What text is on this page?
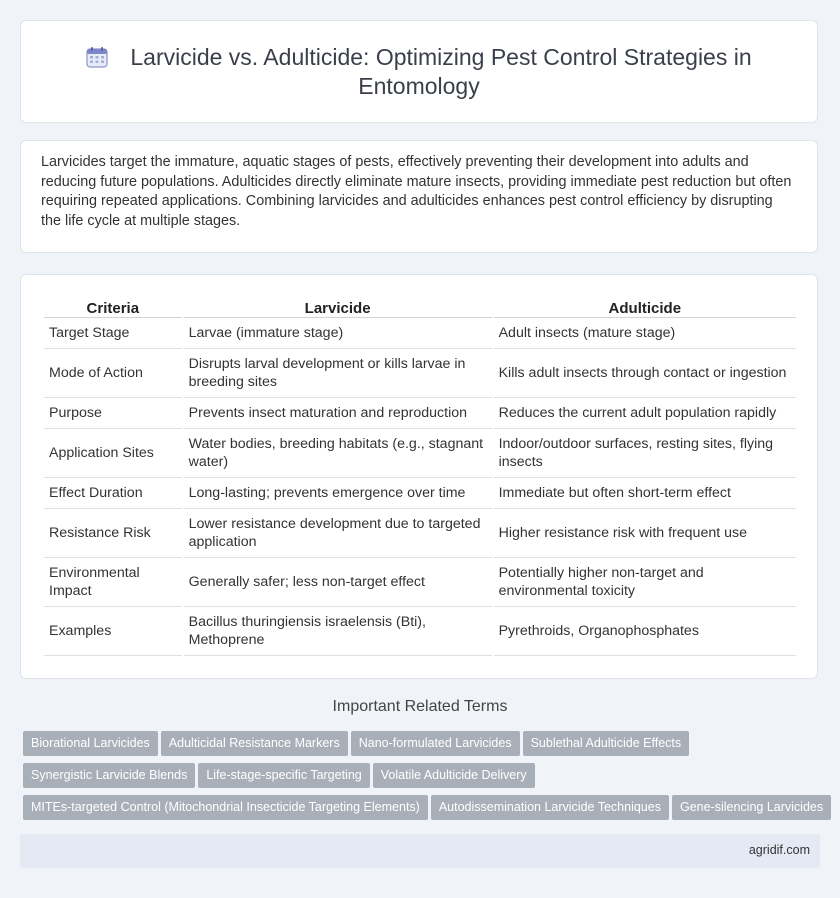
Larvicide vs. Adulticide: Optimizing Pest Control Strategies in
Entomology
Larvicides target the immature, aquatic stages of pests, effectively preventing their development into adults and reducing future populations. Adulticides directly eliminate mature insects, providing immediate pest reduction but often requiring repeated applications. Combining larvicides and adulticides enhances pest control efficiency by disrupting the life cycle at multiple stages.
Criteria	Larvicide	Adulticide
Target Stage	Larvae (immature stage)	Adult insects (mature stage)
Mode of Action	Disrupts larval development or kills larvae in breeding sites	Kills adult insects through contact or ingestion
Purpose	Prevents insect maturation and reproduction	Reduces the current adult population rapidly
Application Sites	Water bodies, breeding habitats (e.g., stagnant water)	Indoor/outdoor surfaces, resting sites, flying insects
Effect Duration	Long-lasting; prevents emergence over time	Immediate but often short-term effect
Resistance Risk	Lower resistance development due to targeted application	Higher resistance risk with frequent use
Environmental Impact	Generally safer; less non-target effect	Potentially higher non-target and environmental toxicity
Examples	Bacillus thuringiensis israelensis (Bti), Methoprene	Pyrethroids, Organophosphates
Important Related Terms
Biorational Larvicides Adulticidal Resistance Markers Nano-formulated Larvicides Sublethal Adulticide Effects
Synergistic Larvicide Blends Life-stage-specific Targeting Volatile Adulticide Delivery
MITEs-targeted Control (Mitochondrial Insecticide Targeting Elements) Autodissemination Larvicide Techniques Gene-silencing Larvicides
agridif.com
